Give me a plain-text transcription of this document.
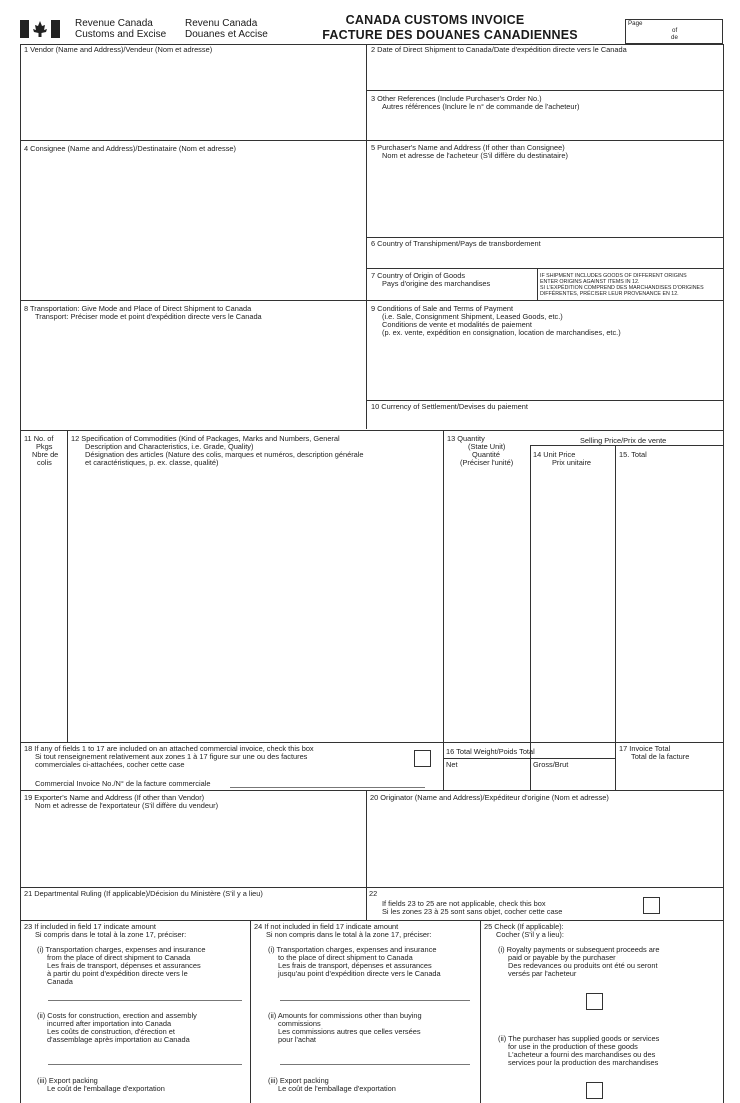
Revenue Canada
Customs and Excise
Revenu Canada
Douanes et Accise
CANADA CUSTOMS INVOICE
FACTURE DES DOUANES CANADIENNES
Page
of
de
1 Vendor (Name and Address)/Vendeur (Nom et adresse)	2 Date of Direct Shipment to Canada/Date d'expédition directe vers le Canada
3 Other References (Include Purchaser's Order No.)
Autres références (Inclure le n° de commande de l'acheteur)
4 Consignee (Name and Address)/Destinataire (Nom et adresse)	5 Purchaser's Name and Address (If other than Consignee)
Nom et adresse de l'acheteur (S'il diffère du destinataire)
6 Country of Transhipment/Pays de transbordement
7 Country of Origin of Goods
Pays d'origine des marchandises
IF SHIPMENT INCLUDES GOODS OF DIFFERENT ORIGINS
ENTER ORIGINS AGAINST ITEMS IN 12.
SI L'EXPÉDITION COMPREND DES MARCHANDISES D'ORIGINES
DIFFÉRENTES, PRÉCISER LEUR PROVENANCE EN 12.
8 Transportation: Give Mode and Place of Direct Shipment to Canada
Transport: Préciser mode et point d'expédition directe vers le Canada
9 Conditions of Sale and Terms of Payment
(i.e. Sale, Consignment Shipment, Leased Goods, etc.)
Conditions de vente et modalités de paiement
(p. ex. vente, expédition en consignation, location de marchandises, etc.)
10 Currency of Settlement/Devises du paiement
11 No. of
Pkgs
Nbre de
colis
12 Specification of Commodities (Kind of Packages, Marks and Numbers, General
Description and Characteristics, i.e. Grade, Quality)
Désignation des articles (Nature des colis, marques et numéros, description générale
et caractéristiques, p. ex. classe, qualité)
13 Quantity
(State Unit)
Quantité
(Préciser l'unité)
Selling Price/Prix de vente
14 Unit Price
Prix unitaire
15. Total
18 If any of fields 1 to 17 are included on an attached commercial invoice, check this box
Si tout renseignement relativement aux zones 1 à 17 figure sur une ou des factures
commerciales ci-attachées, cocher cette case
Commercial Invoice No./N° de la facture commerciale
16 Total Weight/Poids Total
Net	Gross/Brut
17 Invoice Total
Total de la facture
19 Exporter's Name and Address (If other than Vendor)
Nom et adresse de l'exportateur (S'il diffère du vendeur)
20 Originator (Name and Address)/Expéditeur d'origine (Nom et adresse)
21 Departmental Ruling (If applicable)/Décision du Ministère (S'il y a lieu)	22
If fields 23 to 25 are not applicable, check this box
Si les zones 23 à 25 sont sans objet, cocher cette case
23 If included in field 17 indicate amount
Si compris dans le total à la zone 17, préciser:
(i) Transportation charges, expenses and insurance
from the place of direct shipment to Canada
Les frais de transport, dépenses et assurances
à partir du point d'expédition directe vers le
Canada
(ii) Costs for construction, erection and assembly
incurred after importation into Canada
Les coûts de construction, d'érection et
d'assemblage après importation au Canada
(iii) Export packing
Le coût de l'emballage d'exportation
24 If not included in field 17 indicate amount
Si non compris dans le total à la zone 17, préciser:
(i) Transportation charges, expenses and insurance
to the place of direct shipment to Canada
Les frais de transport, dépenses et assurances
jusqu'au point d'expédition directe vers le Canada
(ii) Amounts for commissions other than buying
commissions
Les commissions autres que celles versées
pour l'achat
(iii) Export packing
Le coût de l'emballage d'exportation
25 Check (If applicable):
Cocher (S'il y a lieu):
(i) Royalty payments or subsequent proceeds are
paid or payable by the purchaser
Des redevances ou produits ont été ou seront
versés par l'acheteur
(ii) The purchaser has supplied goods or services
for use in the production of these goods
L'acheteur a fourni des marchandises ou des
services pour la production des marchandises
